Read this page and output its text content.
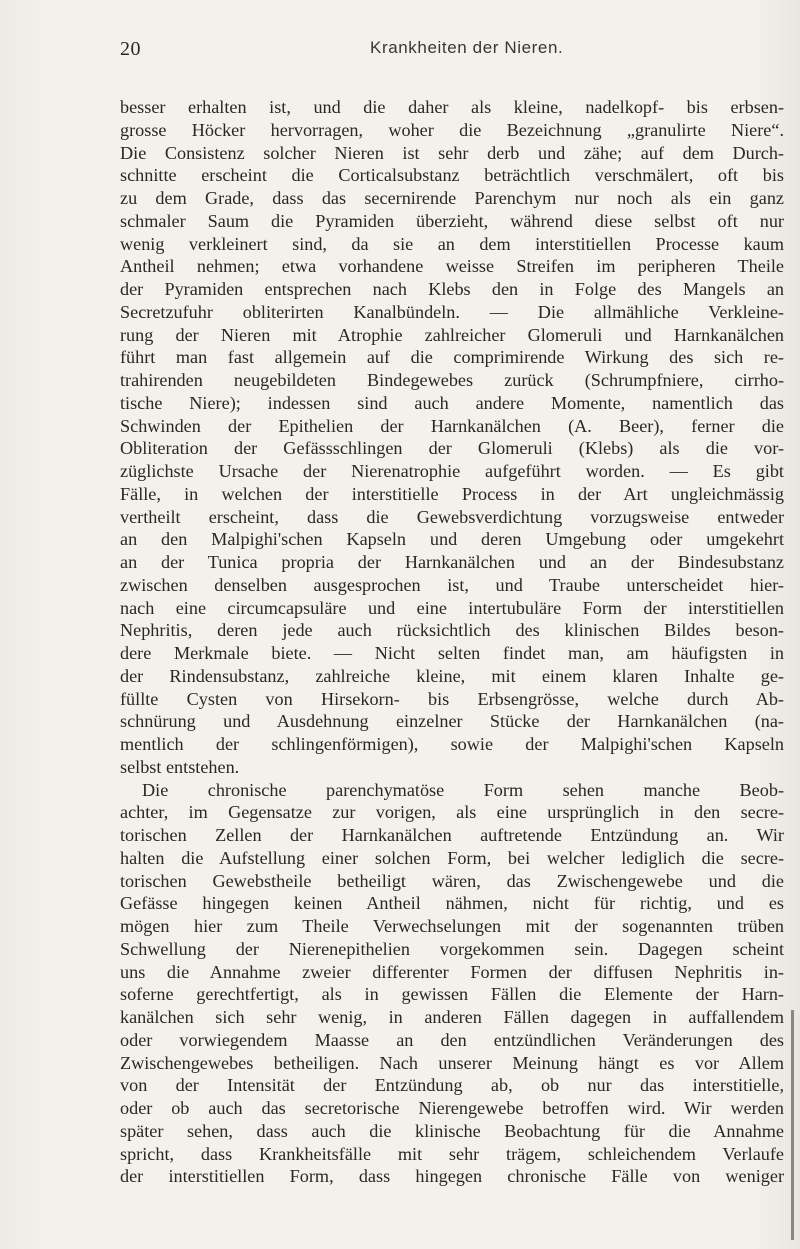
20	Krankheiten der Nieren.
besser erhalten ist, und die daher als kleine, nadelkopf- bis erbsen-
grosse Höcker hervorragen, woher die Bezeichnung „granulirte Niere“.
Die Consistenz solcher Nieren ist sehr derb und zähe; auf dem Durch-
schnitte erscheint die Corticalsubstanz beträchtlich verschmälert, oft bis
zu dem Grade, dass das secernirende Parenchym nur noch als ein ganz
schmaler Saum die Pyramiden überzieht, während diese selbst oft nur
wenig verkleinert sind, da sie an dem interstitiellen Processe kaum
Antheil nehmen; etwa vorhandene weisse Streifen im peripheren Theile
der Pyramiden entsprechen nach Klebs den in Folge des Mangels an
Secretzufuhr obliterirten Kanalbündeln. — Die allmähliche Verkleine-
rung der Nieren mit Atrophie zahlreicher Glomeruli und Harnkanälchen
führt man fast allgemein auf die comprimirende Wirkung des sich re-
trahirenden neugebildeten Bindegewebes zurück (Schrumpfniere, cirrho-
tische Niere); indessen sind auch andere Momente, namentlich das
Schwinden der Epithelien der Harnkanälchen (A. Beer), ferner die
Obliteration der Gefässschlingen der Glomeruli (Klebs) als die vor-
züglichste Ursache der Nierenatrophie aufgeführt worden. — Es gibt
Fälle, in welchen der interstitielle Process in der Art ungleichmässig
vertheilt erscheint, dass die Gewebsverdichtung vorzugsweise entweder
an den Malpighi'schen Kapseln und deren Umgebung oder umgekehrt
an der Tunica propria der Harnkanälchen und an der Bindesubstanz
zwischen denselben ausgesprochen ist, und Traube unterscheidet hier-
nach eine circumcapsuläre und eine intertubuläre Form der interstitiellen
Nephritis, deren jede auch rücksichtlich des klinischen Bildes beson-
dere Merkmale biete. — Nicht selten findet man, am häufigsten in
der Rindensubstanz, zahlreiche kleine, mit einem klaren Inhalte ge-
füllte Cysten von Hirsekorn- bis Erbsengrösse, welche durch Ab-
schnürung und Ausdehnung einzelner Stücke der Harnkanälchen (na-
mentlich der schlingenförmigen), sowie der Malpighi'schen Kapseln
selbst entstehen.
Die chronische parenchymatöse Form sehen manche Beob-
achter, im Gegensatze zur vorigen, als eine ursprünglich in den secre-
torischen Zellen der Harnkanälchen auftretende Entzündung an. Wir
halten die Aufstellung einer solchen Form, bei welcher lediglich die secre-
torischen Gewebstheile betheiligt wären, das Zwischengewebe und die
Gefässe hingegen keinen Antheil nähmen, nicht für richtig, und es
mögen hier zum Theile Verwechselungen mit der sogenannten trüben
Schwellung der Nierenepithelien vorgekommen sein. Dagegen scheint
uns die Annahme zweier differenter Formen der diffusen Nephritis in-
soferne gerechtfertigt, als in gewissen Fällen die Elemente der Harn-
kanälchen sich sehr wenig, in anderen Fällen dagegen in auffallendem
oder vorwiegendem Maasse an den entzündlichen Veränderungen des
Zwischengewebes betheiligen. Nach unserer Meinung hängt es vor Allem
von der Intensität der Entzündung ab, ob nur das interstitielle,
oder ob auch das secretorische Nierengewebe betroffen wird. Wir werden
später sehen, dass auch die klinische Beobachtung für die Annahme
spricht, dass Krankheitsfälle mit sehr trägem, schleichendem Verlaufe
der interstitiellen Form, dass hingegen chronische Fälle von weniger
